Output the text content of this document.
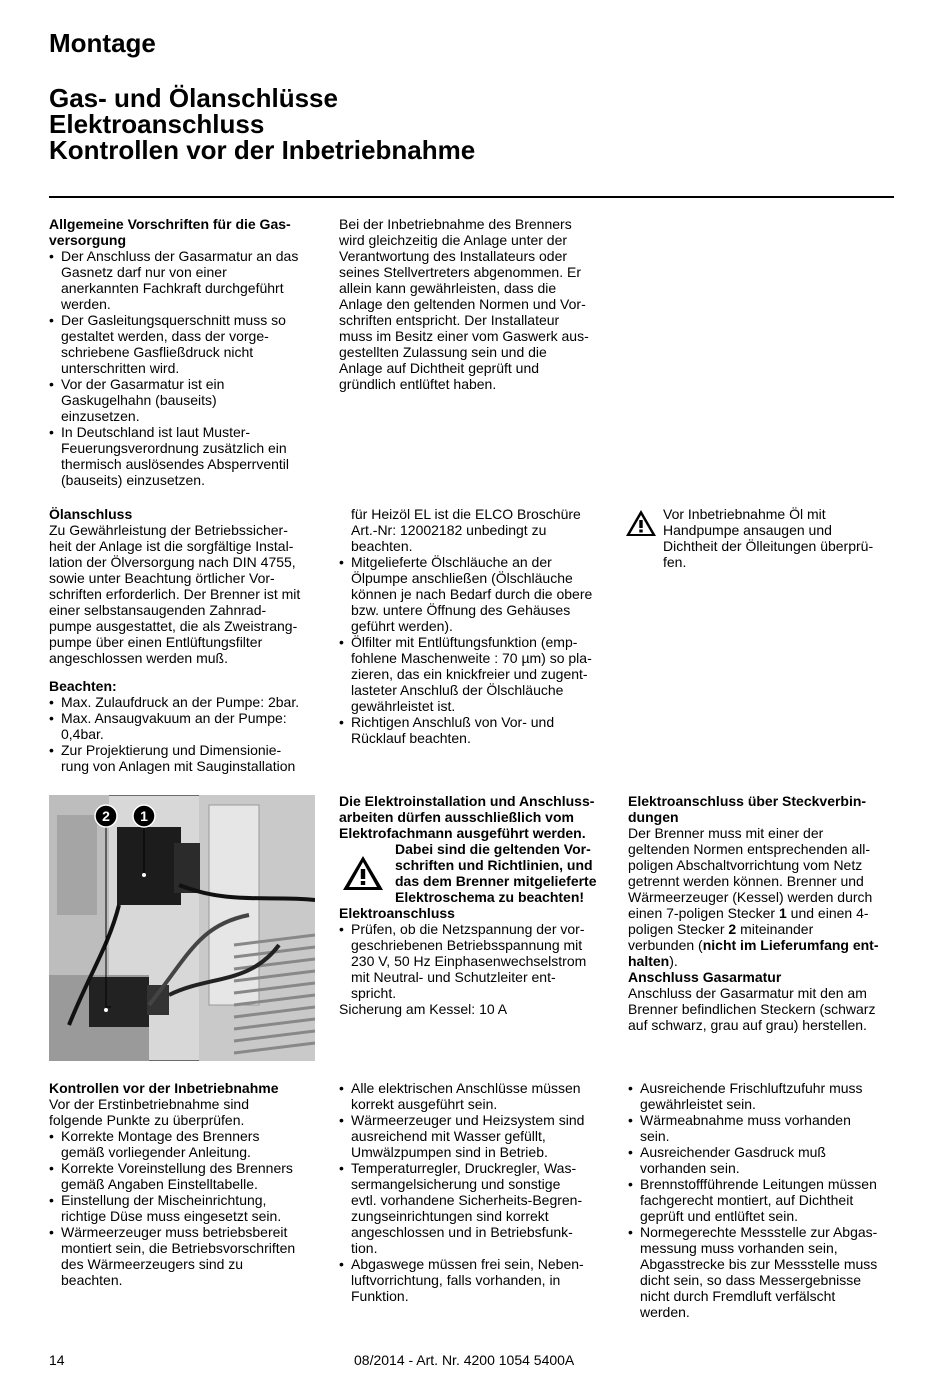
Montage
Gas- und Ölanschlüsse
Elektroanschluss
Kontrollen vor der Inbetriebnahme
Allgemeine Vorschriften für die Gas-
versorgung
• Der Anschluss der Gasarmatur an das
Gasnetz darf nur von einer
anerkannten Fachkraft durchgeführt
werden.
• Der Gasleitungsquerschnitt muss so
gestaltet werden, dass der vorge-
schriebene Gasfließdruck nicht
unterschritten wird.
• Vor der Gasarmatur ist ein
Gaskugelhahn (bauseits)
einzusetzen.
• In Deutschland ist laut Muster-
Feuerungsverordnung zusätzlich ein
thermisch auslösendes Absperrventil
(bauseits) einzusetzen.
Bei der Inbetriebnahme des Brenners
wird gleichzeitig die Anlage unter der
Verantwortung des Installateurs oder
seines Stellvertreters abgenommen. Er
allein kann gewährleisten, dass die
Anlage den geltenden Normen und Vor-
schriften entspricht. Der Installateur
muss im Besitz einer vom Gaswerk aus-
gestellten Zulassung sein und die
Anlage auf Dichtheit geprüft und
gründlich entlüftet haben.
Ölanschluss
Zu Gewährleistung der Betriebssicher-
heit der Anlage ist die sorgfältige Instal-
lation der Ölversorgung nach DIN 4755,
sowie unter Beachtung örtlicher Vor-
schriften erforderlich. Der Brenner ist mit
einer selbstansaugenden Zahnrad-
pumpe ausgestattet, die als Zweistrang-
pumpe über einen Entlüftungsfilter
angeschlossen werden muß.
Beachten:
• Max. Zulaufdruck an der Pumpe: 2bar.
• Max. Ansaugvakuum an der Pumpe:
0,4bar.
• Zur Projektierung und Dimensionie-
rung von Anlagen mit Sauginstallation
für Heizöl EL ist die ELCO Broschüre
Art.-Nr: 12002182 unbedingt zu
beachten.
• Mitgelieferte Ölschläuche an der
Ölpumpe anschließen (Ölschläuche
können je nach Bedarf durch die obere
bzw. untere Öffnung des Gehäuses
geführt werden).
• Ölfilter mit Entlüftungsfunktion (emp-
fohlene Maschenweite : 70 µm) so pla-
zieren, das ein knickfreier und zugent-
lasteter Anschluß der Ölschläuche
gewährleistet ist.
• Richtigen Anschluß von Vor- und
Rücklauf beachten.
Vor Inbetriebnahme Öl mit
Handpumpe ansaugen und
Dichtheit der Ölleitungen überprü-
fen.
2 1
Die Elektroinstallation und Anschluss-
arbeiten dürfen ausschließlich vom
Elektrofachmann ausgeführt werden.
Dabei sind die geltenden Vor-
schriften und Richtlinien, und
das dem Brenner mitgelieferte
Elektroschema zu beachten!
Elektroanschluss
• Prüfen, ob die Netzspannung der vor-
geschriebenen Betriebsspannung mit
230 V, 50 Hz Einphasenwechselstrom
mit Neutral- und Schutzleiter ent-
spricht.
Sicherung am Kessel: 10 A
Elektroanschluss über Steckverbin-
dungen
Der Brenner muss mit einer der
geltenden Normen entsprechenden all-
poligen Abschaltvorrichtung vom Netz
getrennt werden können. Brenner und
Wärmeerzeuger (Kessel) werden durch
einen 7-poligen Stecker 1 und einen 4-
poligen Stecker 2 miteinander
verbunden (nicht im Lieferumfang ent-
halten).
Anschluss Gasarmatur
Anschluss der Gasarmatur mit den am
Brenner befindlichen Steckern (schwarz
auf schwarz, grau auf grau) herstellen.
Kontrollen vor der Inbetriebnahme
Vor der Erstinbetriebnahme sind
folgende Punkte zu überprüfen.
• Korrekte Montage des Brenners
gemäß vorliegender Anleitung.
• Korrekte Voreinstellung des Brenners
gemäß Angaben Einstelltabelle.
• Einstellung der Mischeinrichtung,
richtige Düse muss eingesetzt sein.
• Wärmeerzeuger muss betriebsbereit
montiert sein, die Betriebsvorschriften
des Wärmeerzeugers sind zu
beachten.
• Alle elektrischen Anschlüsse müssen
korrekt ausgeführt sein.
• Wärmeerzeuger und Heizsystem sind
ausreichend mit Wasser gefüllt,
Umwälzpumpen sind in Betrieb.
• Temperaturregler, Druckregler, Was-
sermangelsicherung und sonstige
evtl. vorhandene Sicherheits-Begren-
zungseinrichtungen sind korrekt
angeschlossen und in Betriebsfunk-
tion.
• Abgaswege müssen frei sein, Neben-
luftvorrichtung, falls vorhanden, in
Funktion.
• Ausreichende Frischluftzufuhr muss
gewährleistet sein.
• Wärmeabnahme muss vorhanden
sein.
• Ausreichender Gasdruck muß
vorhanden sein.
• Brennstoffführende Leitungen müssen
fachgerecht montiert, auf Dichtheit
geprüft und entlüftet sein.
• Normegerechte Messstelle zur Abgas-
messung muss vorhanden sein,
Abgasstrecke bis zur Messstelle muss
dicht sein, so dass Messergebnisse
nicht durch Fremdluft verfälscht
werden.
14	08/2014 - Art. Nr. 4200 1054 5400A
